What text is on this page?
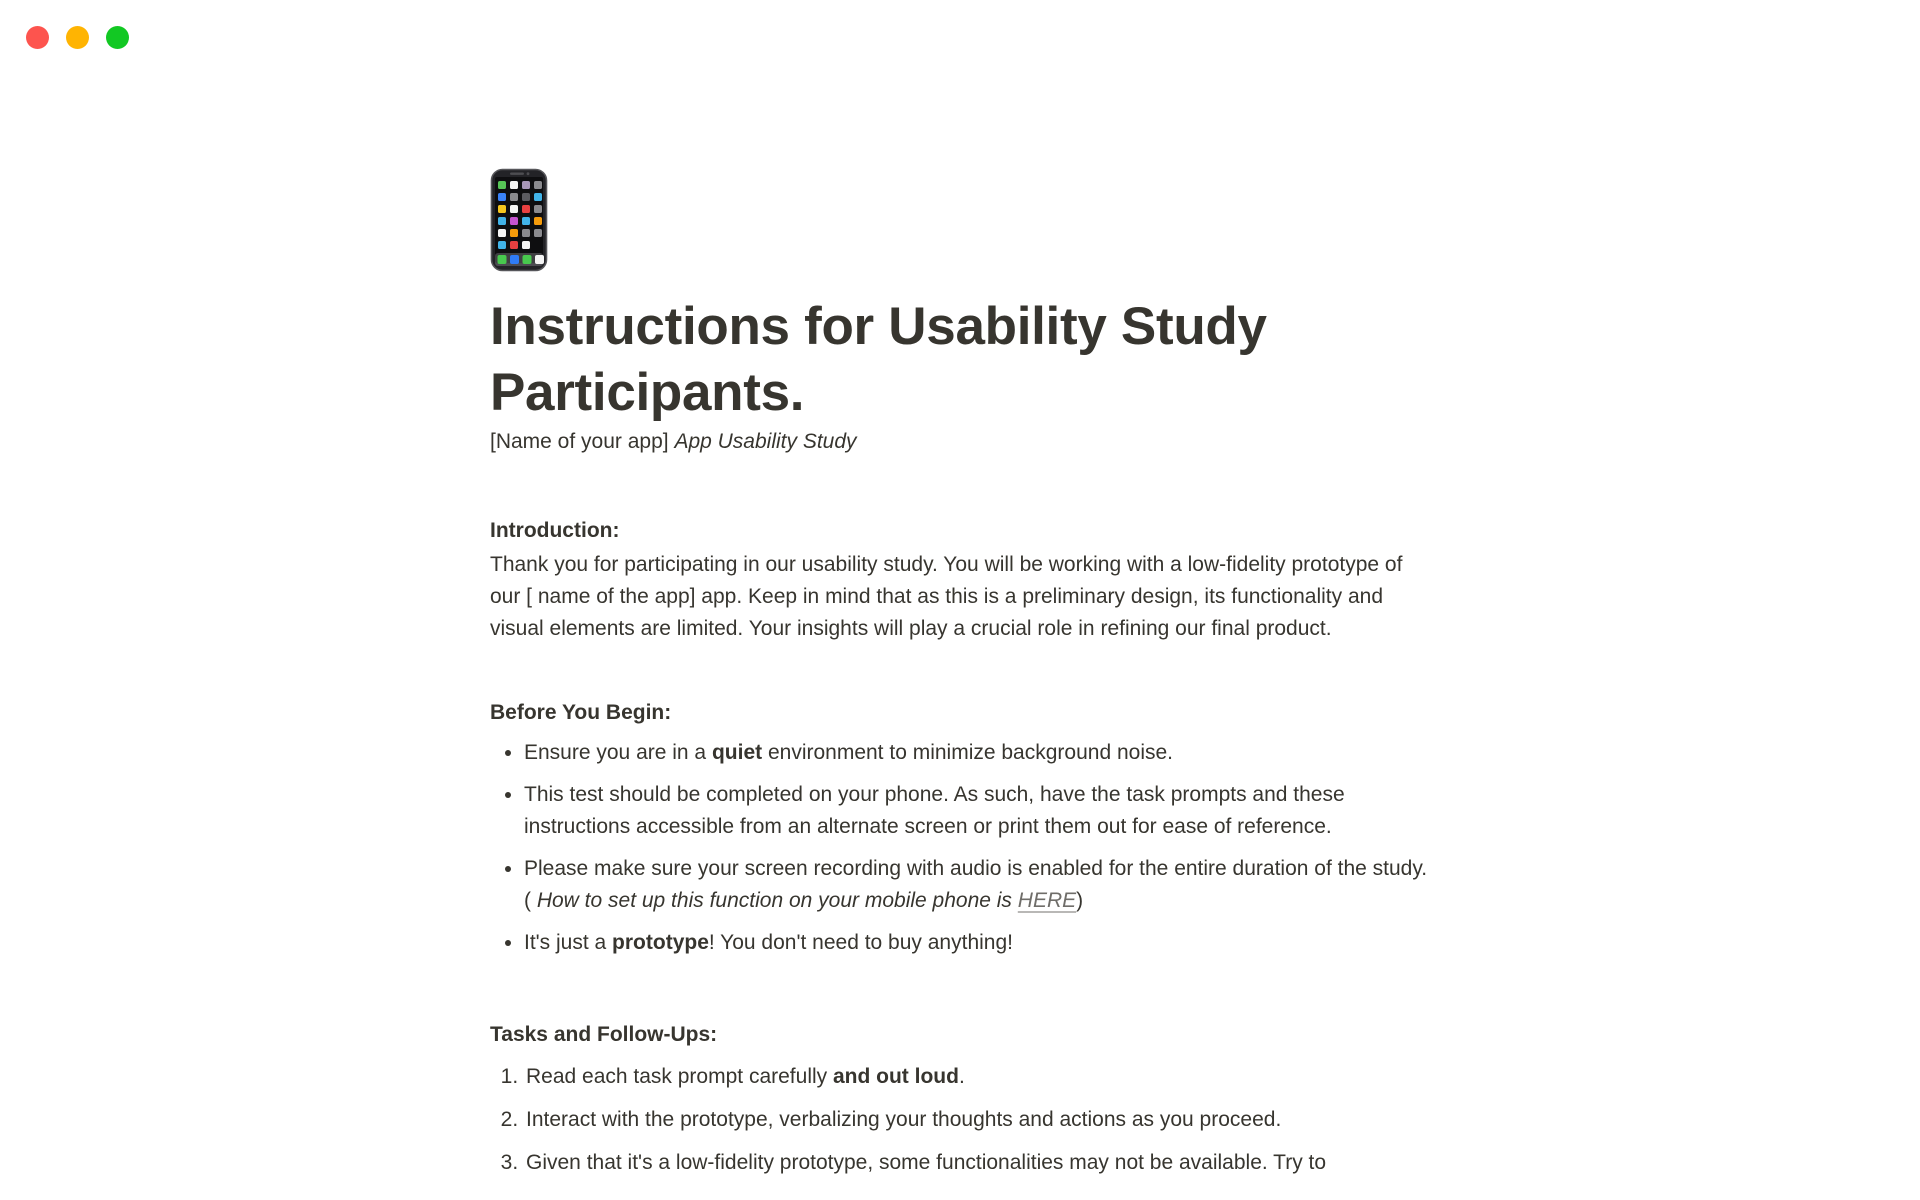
Instructions for Usability Study Participants.

[Name of your app] App Usability Study

Introduction:

Thank you for participating in our usability study. You will be working with a low-fidelity prototype of our [ name of the app] app. Keep in mind that as this is a preliminary design, its functionality and visual elements are limited. Your insights will play a crucial role in refining our final product.

Before You Begin:

• Ensure you are in a quiet environment to minimize background noise.
• This test should be completed on your phone. As such, have the task prompts and these instructions accessible from an alternate screen or print them out for ease of reference.
• Please make sure your screen recording with audio is enabled for the entire duration of the study. ( How to set up this function on your mobile phone is HERE)
• It's just a prototype! You don't need to buy anything!

Tasks and Follow-Ups:

1. Read each task prompt carefully and out loud.
2. Interact with the prototype, verbalizing your thoughts and actions as you proceed.
3. Given that it's a low-fidelity prototype, some functionalities may not be available. Try to
